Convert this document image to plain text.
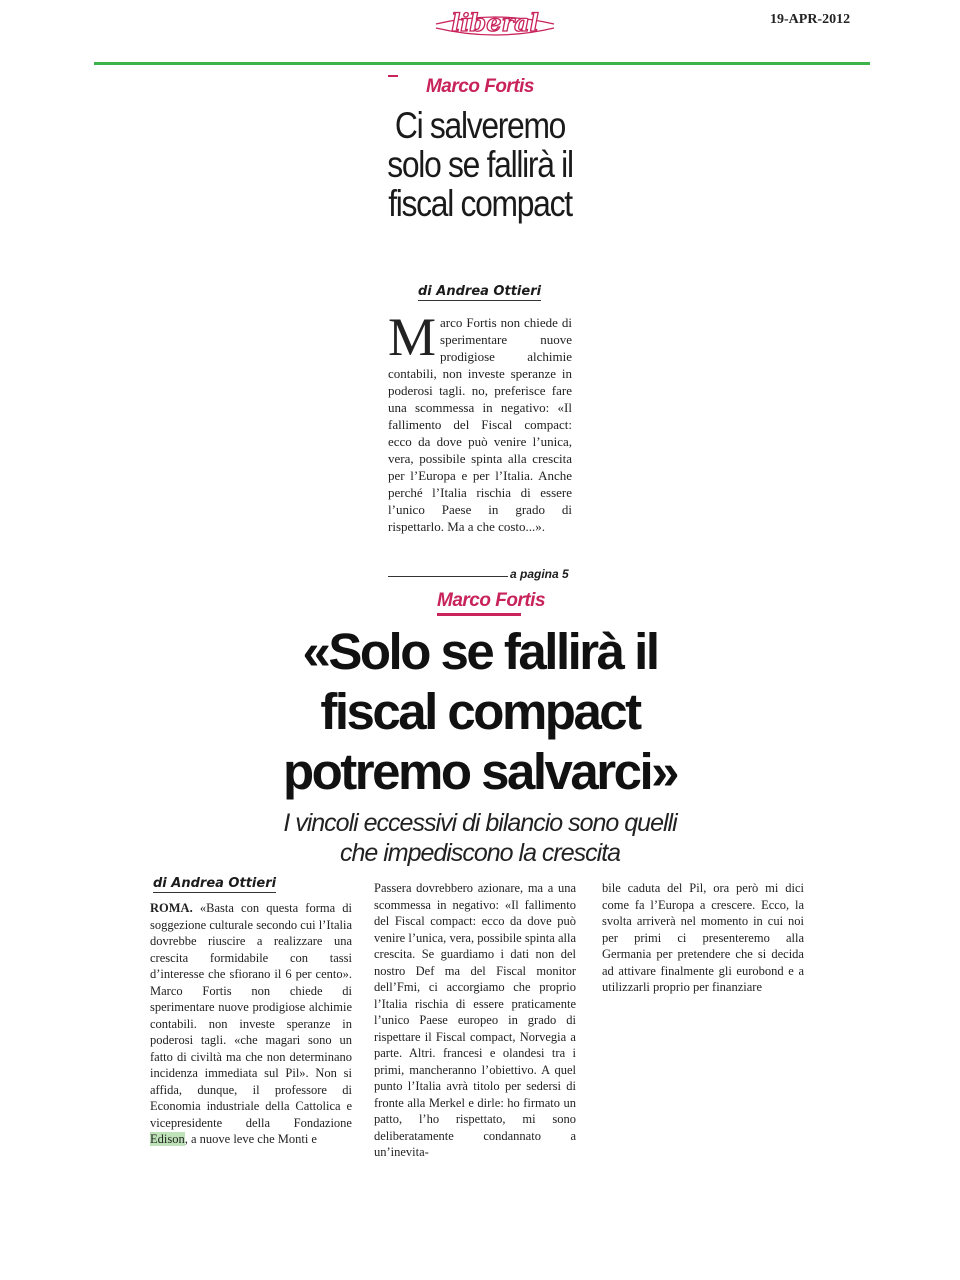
liberal	19-APR-2012
Marco Fortis
Ci salveremo solo se fallirà il fiscal compact
di Andrea Ottieri
Marco Fortis non chiede di sperimentare nuove prodigiose alchimie contabili, non investe speranze in poderosi tagli. no, preferisce fare una scommessa in negativo: «Il fallimento del Fiscal compact: ecco da dove può venire l’unica, vera, possibile spinta alla crescita per l’Europa e per l’Italia. Anche perché l’Italia rischia di essere l’unico Paese in grado di rispettarlo. Ma a che costo...».
a pagina 5
Marco Fortis
«Solo se fallirà il fiscal compact potremo salvarci»
I vincoli eccessivi di bilancio sono quelli che impediscono la crescita
di Andrea Ottieri
ROMA. «Basta con questa forma di soggezione culturale secondo cui l’Italia dovrebbe riuscire a realizzare una crescita formidabile con tassi d’interesse che sfiorano il 6 per cento». Marco Fortis non chiede di sperimentare nuove prodigiose alchimie contabili. non investe speranze in poderosi tagli. «che magari sono un fatto di civiltà ma che non determinano incidenza immediata sul Pil». Non si affida, dunque, il professore di Economia industriale della Cattolica e vicepresidente della Fondazione Edison, a nuove leve che Monti e
Passera dovrebbero azionare, ma a una scommessa in negativo: «Il fallimento del Fiscal compact: ecco da dove può venire l’unica, vera, possibile spinta alla crescita. Se guardiamo i dati non del nostro Def ma del Fiscal monitor dell’Fmi, ci accorgiamo che proprio l’Italia rischia di essere praticamente l’unico Paese europeo in grado di rispettare il Fiscal compact, Norvegia a parte. Altri. francesi e olandesi tra i primi, mancheranno l’obiettivo. A quel punto l’Italia avrà titolo per sedersi di fronte alla Merkel e dirle: ho firmato un patto, l’ho rispettato, mi sono deliberatamente condannato a un’inevita-
bile caduta del Pil, ora però mi dici come fa l’Europa a crescere. Ecco, la svolta arriverà nel momento in cui noi per primi ci presenteremo alla Germania per pretendere che si decida ad attivare finalmente gli eurobond e a utilizzarli proprio per finanziare
